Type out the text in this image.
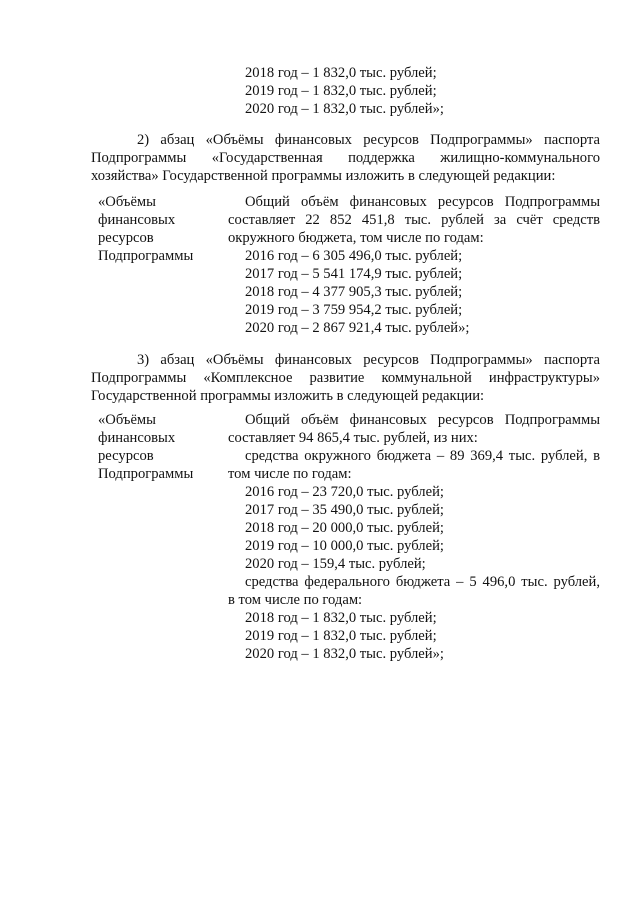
2018 год – 1 832,0 тыс. рублей;
2019 год – 1 832,0 тыс. рублей;
2020 год – 1 832,0 тыс. рублей»;
2) абзац «Объёмы финансовых ресурсов Подпрограммы» паспорта
Подпрограммы «Государственная поддержка жилищно-коммунального
хозяйства» Государственной программы изложить в следующей редакции:
«Объёмы
финансовых
ресурсов
Подпрограммы
Общий объём финансовых ресурсов Подпрограммы
составляет 22 852 451,8 тыс. рублей за счёт средств
окружного бюджета, том числе по годам:
2016 год – 6 305 496,0 тыс. рублей;
2017 год – 5 541 174,9 тыс. рублей;
2018 год – 4 377 905,3 тыс. рублей;
2019 год – 3 759 954,2 тыс. рублей;
2020 год – 2 867 921,4 тыс. рублей»;
3) абзац «Объёмы финансовых ресурсов Подпрограммы» паспорта
Подпрограммы «Комплексное развитие коммунальной инфраструктуры»
Государственной программы изложить в следующей редакции:
«Объёмы
финансовых
ресурсов
Подпрограммы
Общий объём финансовых ресурсов Подпрограммы
составляет 94 865,4 тыс. рублей, из них:
средства окружного бюджета – 89 369,4 тыс. рублей, в
том числе по годам:
2016 год – 23 720,0 тыс. рублей;
2017 год – 35 490,0 тыс. рублей;
2018 год – 20 000,0 тыс. рублей;
2019 год – 10 000,0 тыс. рублей;
2020 год – 159,4 тыс. рублей;
средства федерального бюджета – 5 496,0 тыс. рублей,
в том числе по годам:
2018 год – 1 832,0 тыс. рублей;
2019 год – 1 832,0 тыс. рублей;
2020 год – 1 832,0 тыс. рублей»;
